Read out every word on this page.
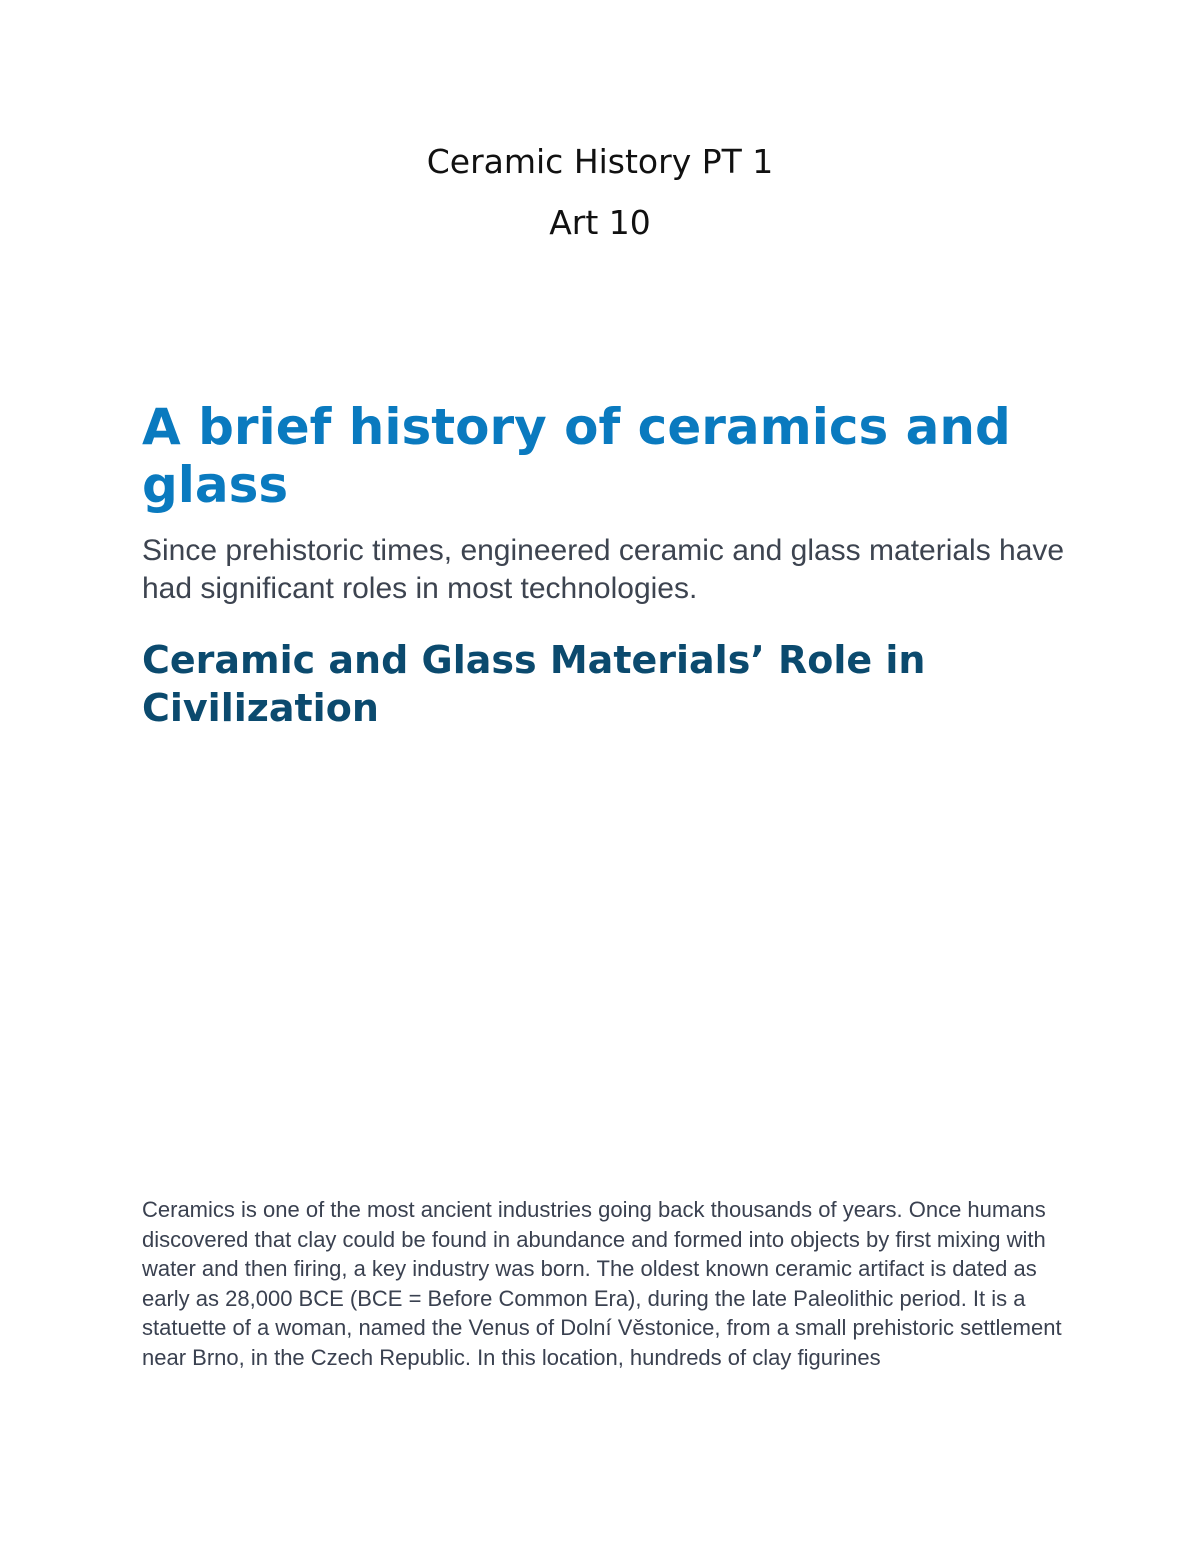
Ceramic History PT 1

Art 10

A brief history of ceramics and glass

Since prehistoric times, engineered ceramic and glass materials have had significant roles in most technologies.

Ceramic and Glass Materials’ Role in Civilization

Ceramics is one of the most ancient industries going back thousands of years. Once humans discovered that clay could be found in abundance and formed into objects by first mixing with water and then firing, a key industry was born. The oldest known ceramic artifact is dated as early as 28,000 BCE (BCE = Before Common Era), during the late Paleolithic period. It is a statuette of a woman, named the Venus of Dolní Věstonice, from a small prehistoric settlement near Brno, in the Czech Republic. In this location, hundreds of clay figurines
